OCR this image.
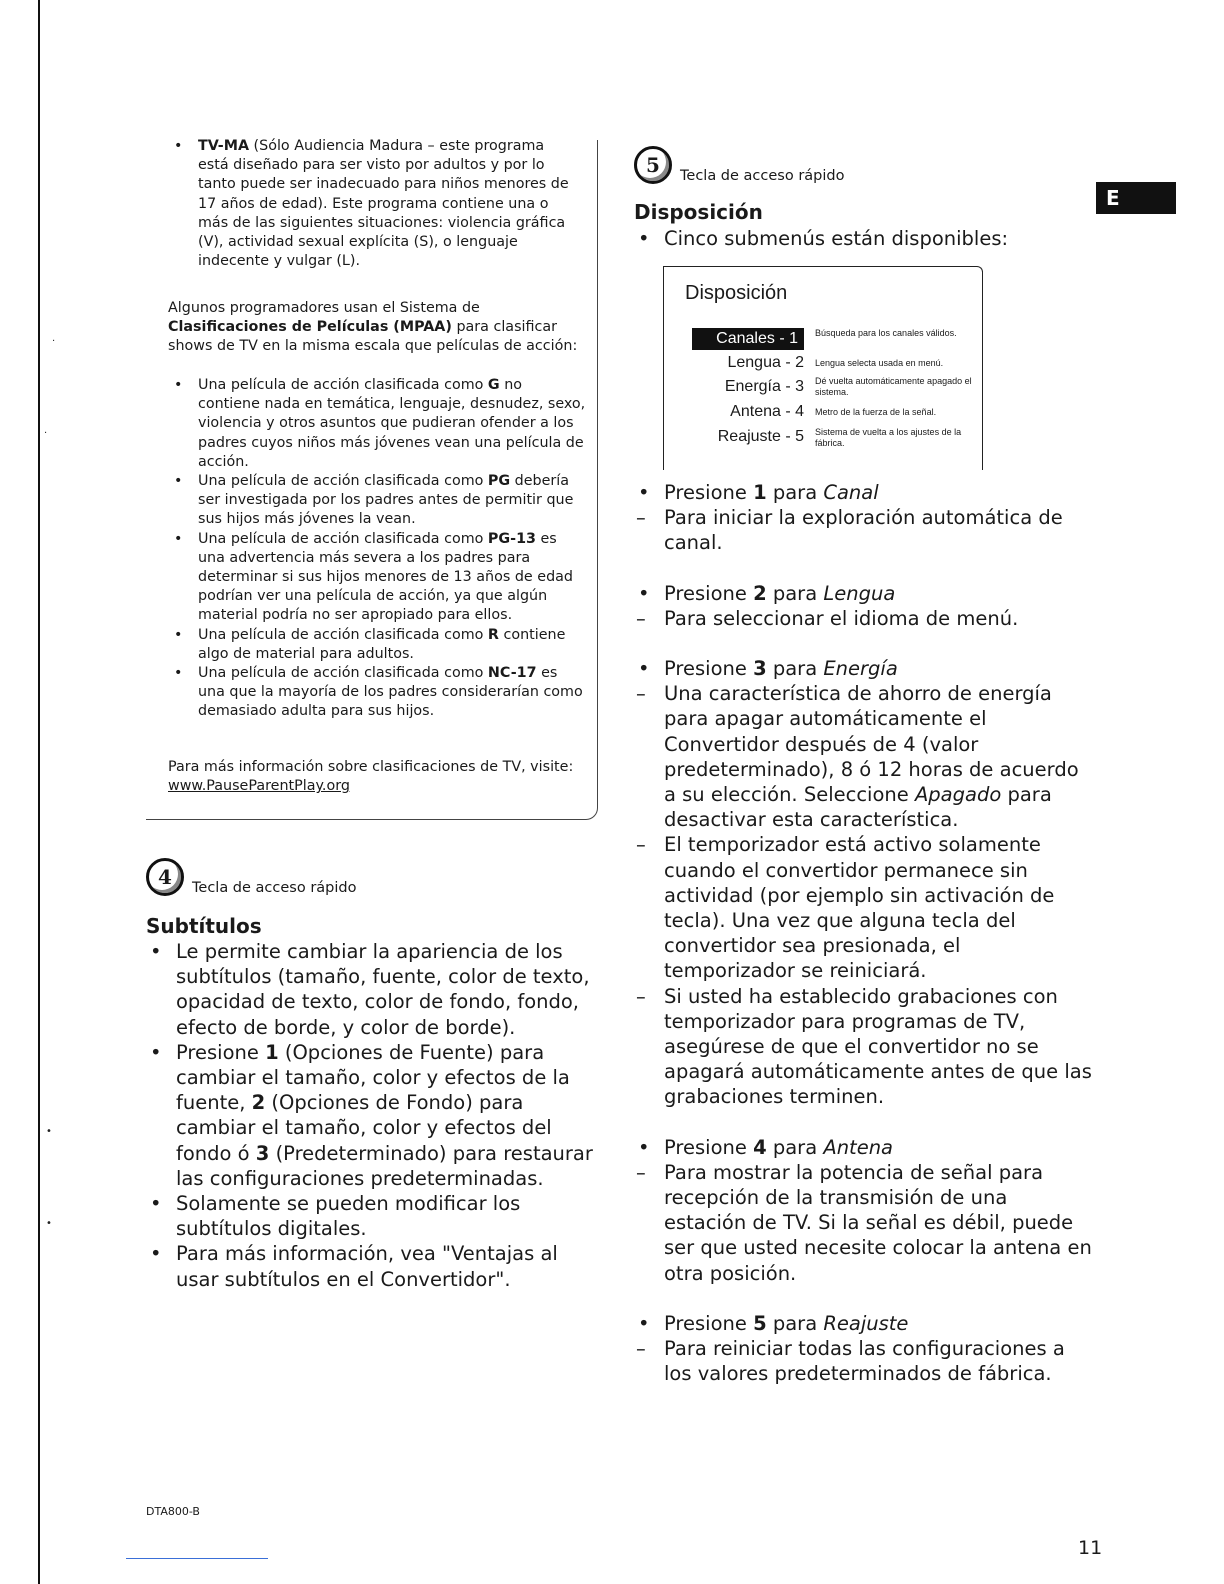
·
·
•
•
• TV-MA (Sólo Audiencia Madura – este programa está diseñado para ser visto por adultos y por lo tanto puede ser inadecuado para niños menores de 17 años de edad). Este programa contiene una o más de las siguientes situaciones: violencia gráfica (V), actividad sexual explícita (S), o lenguaje indecente y vulgar (L).
Algunos programadores usan el Sistema de Clasificaciones de Películas (MPAA) para clasificar shows de TV en la misma escala que películas de acción:
• Una película de acción clasificada como G no contiene nada en temática, lenguaje, desnudez, sexo, violencia y otros asuntos que pudieran ofender a los padres cuyos niños más jóvenes vean una película de acción.
• Una película de acción clasificada como PG debería ser investigada por los padres antes de permitir que sus hijos más jóvenes la vean.
• Una película de acción clasificada como PG-13 es una advertencia más severa a los padres para determinar si sus hijos menores de 13 años de edad podrían ver una película de acción, ya que algún material podría no ser apropiado para ellos.
• Una película de acción clasificada como R contiene algo de material para adultos.
• Una película de acción clasificada como NC-17 es una que la mayoría de los padres considerarían como demasiado adulta para sus hijos.
Para más información sobre clasificaciones de TV, visite: www.PauseParentPlay.org
4	Tecla de acceso rápido
Subtítulos
• Le permite cambiar la apariencia de los subtítulos (tamaño, fuente, color de texto, opacidad de texto, color de fondo, fondo, efecto de borde, y color de borde).
• Presione 1 (Opciones de Fuente) para cambiar el tamaño, color y efectos de la fuente, 2 (Opciones de Fondo) para cambiar el tamaño, color y efectos del fondo ó 3 (Predeterminado) para restaurar las configuraciones predeterminadas.
• Solamente se pueden modificar los subtítulos digitales.
• Para más información, vea "Ventajas al usar subtítulos en el Convertidor".
5	Tecla de acceso rápido
Disposición
• Cinco submenús están disponibles:
Disposición
Canales - 1	Búsqueda para los canales válidos.
Lengua - 2 Lengua selecta usada en menú.
Energía - 3 Dé vuelta automáticamente apagado el sistema.
Antena - 4 Metro de la fuerza de la señal.
Reajuste - 5 Sistema de vuelta a los ajustes de la fábrica.
• Presione 1 para Canal
– Para iniciar la exploración automática de canal.
• Presione 2 para Lengua
– Para seleccionar el idioma de menú.
• Presione 3 para Energía
– Una característica de ahorro de energía para apagar automáticamente el Convertidor después de 4 (valor predeterminado), 8 ó 12 horas de acuerdo a su elección. Seleccione Apagado para desactivar esta característica.
– El temporizador está activo solamente cuando el convertidor permanece sin actividad (por ejemplo sin activación de tecla). Una vez que alguna tecla del convertidor sea presionada, el temporizador se reiniciará.
– Si usted ha establecido grabaciones con temporizador para programas de TV, asegúrese de que el convertidor no se apagará automáticamente antes de que las grabaciones terminen.
• Presione 4 para Antena
– Para mostrar la potencia de señal para recepción de la transmisión de una estación de TV. Si la señal es débil, puede ser que usted necesite colocar la antena en otra posición.
• Presione 5 para Reajuste
– Para reiniciar todas las configuraciones a los valores predeterminados de fábrica.
E
DTA800-B
11
